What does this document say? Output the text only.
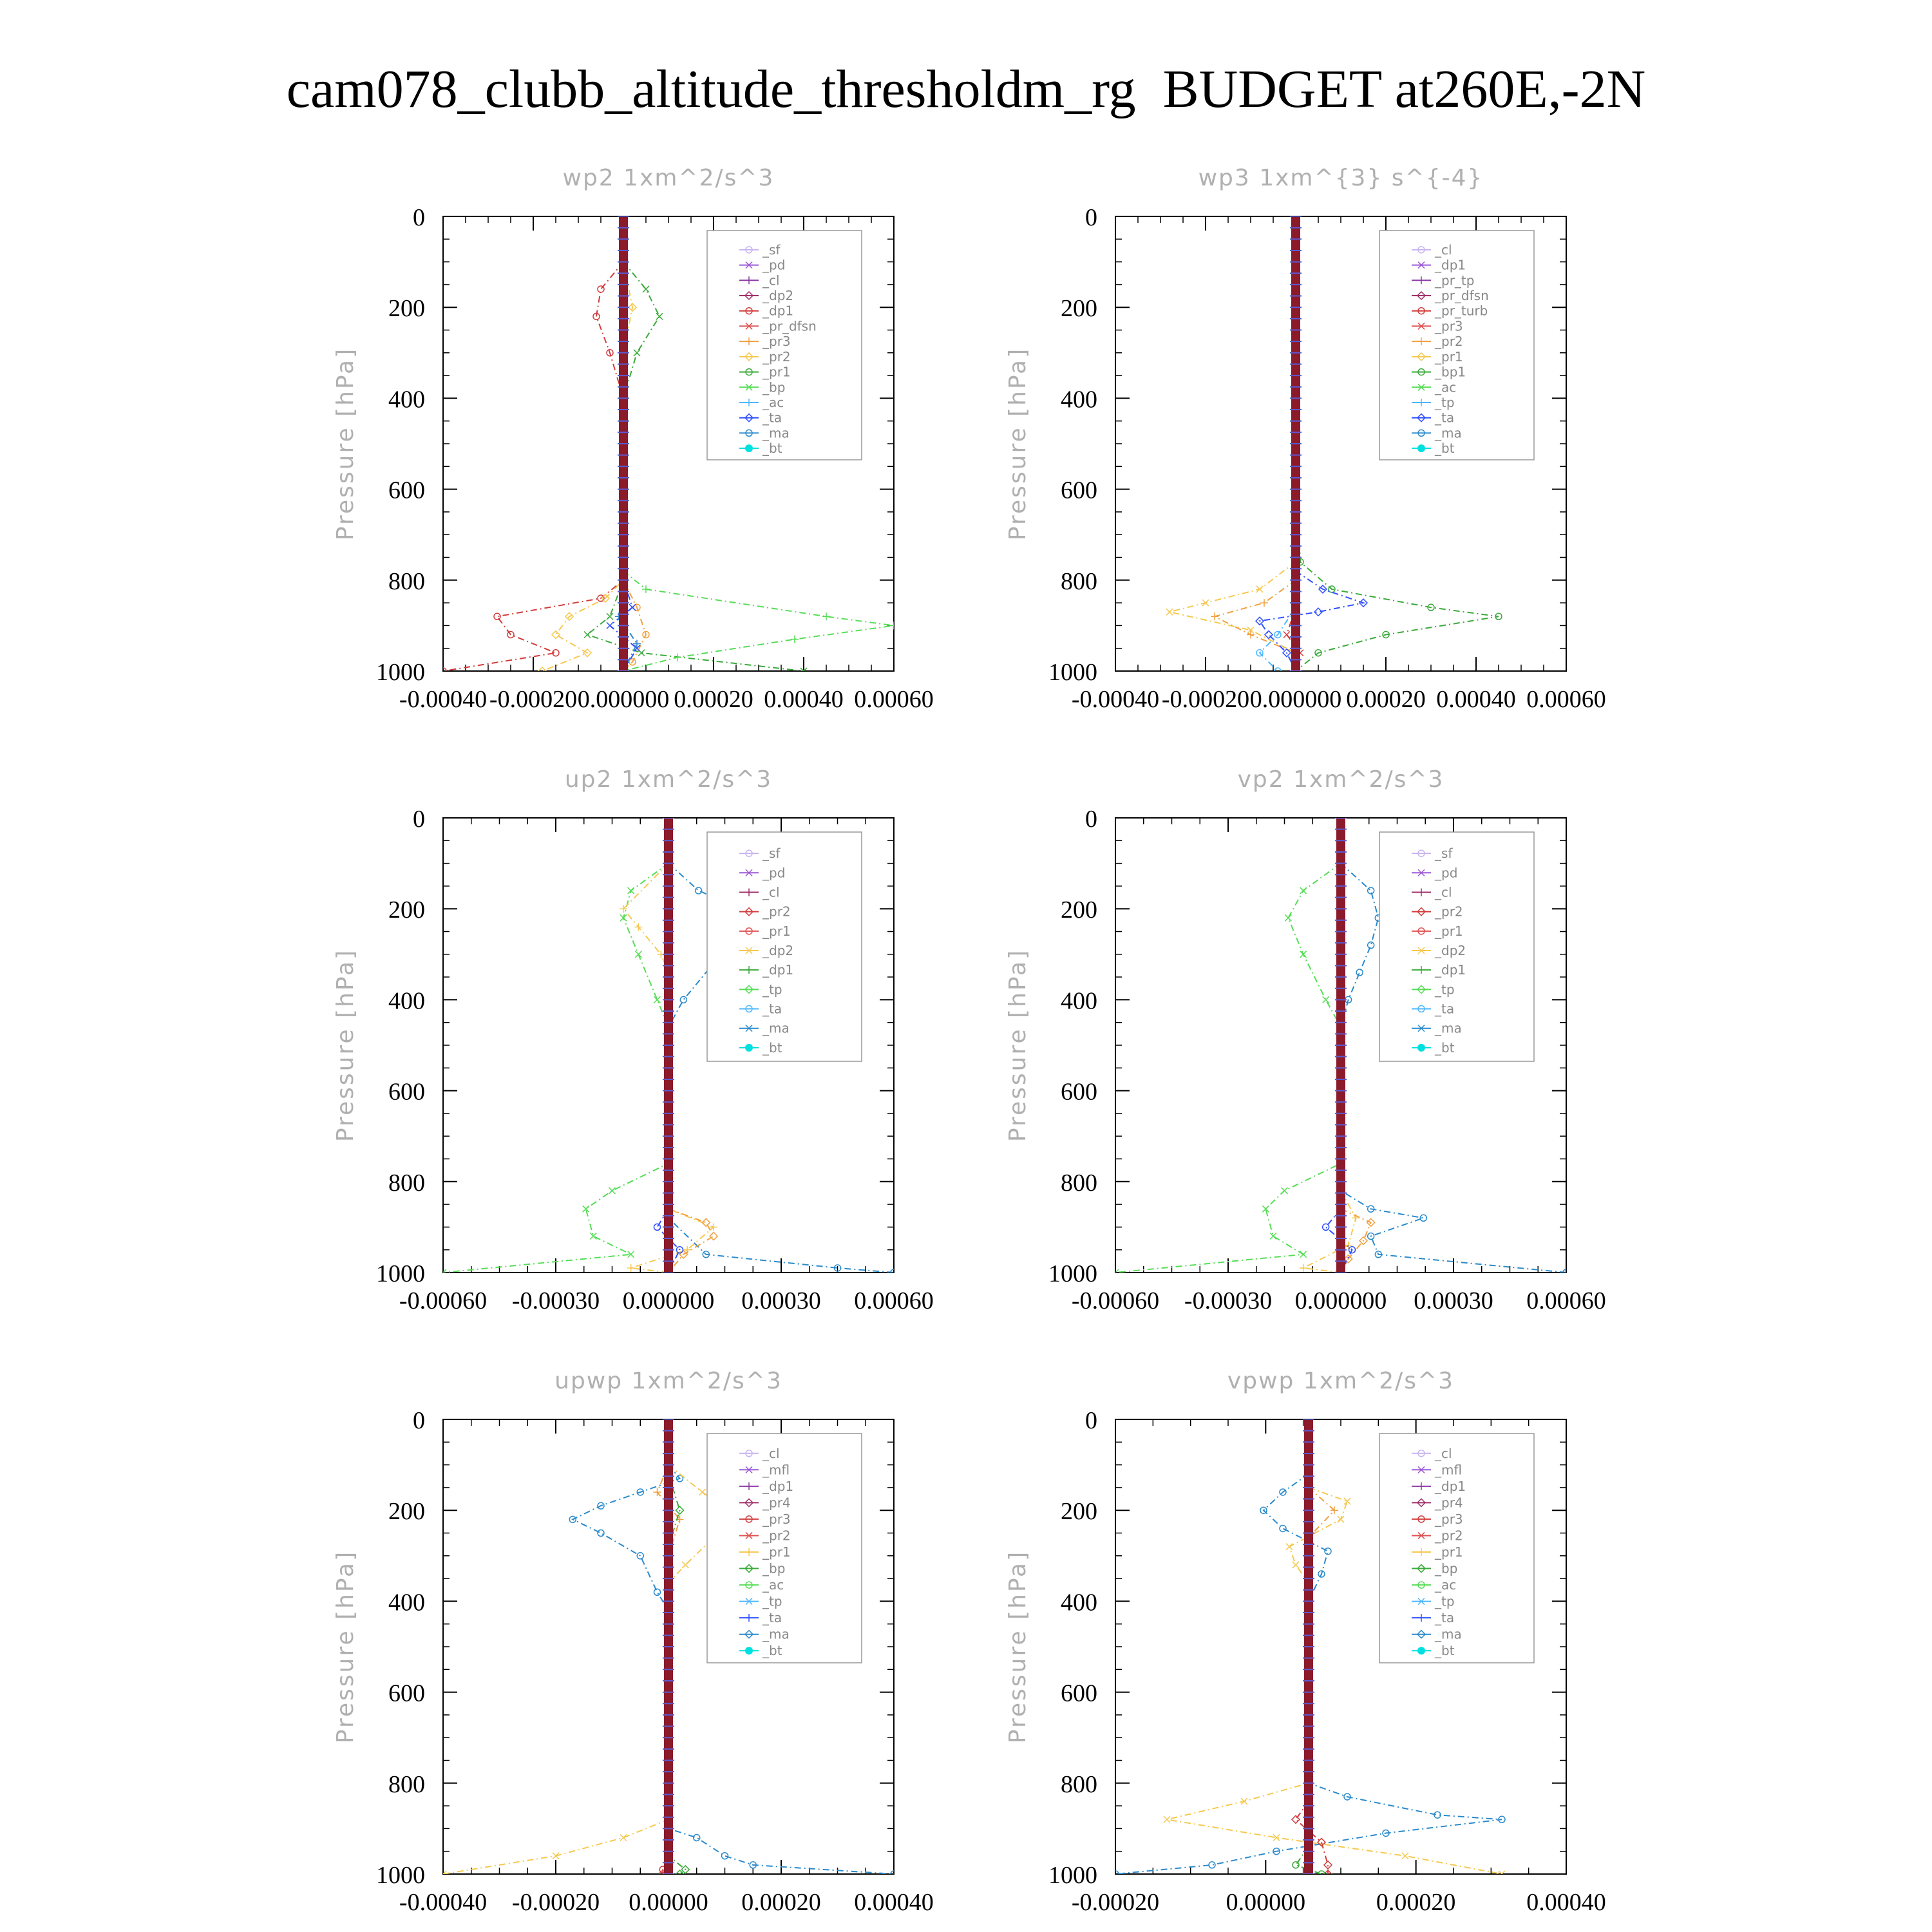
cam078_clubb_altitude_thresholdm_rg  BUDGET at260E,-2N
0
200
400
600
800
1000
-0.00040 -0.00020 0.000000 0.00020 0.00040 0.00060
wp2 1xm^2/s^3
Pressure [hPa]
_sf
_pd
_cl
_dp2
_dp1
_pr_dfsn
_pr3
_pr2
_pr1
_bp
_ac
_ta
_ma
_bt
0
200
400
600
800
1000
-0.00040 -0.00020 0.000000 0.00020 0.00040 0.00060
wp3 1xm^{3} s^{-4}
Pressure [hPa]
_cl
_dp1
_pr_tp
_pr_dfsn
_pr_turb
_pr3
_pr2
_pr1
_bp1
_ac
_tp
_ta
_ma
_bt
0
200
400
600
800
1000
-0.00060 -0.00030 0.000000 0.00030 0.00060
up2 1xm^2/s^3
Pressure [hPa]
_sf
_pd
_cl
_pr2
_pr1
_dp2
_dp1
_tp
_ta
_ma
_bt
0
200
400
600
800
1000
-0.00060 -0.00030 0.000000 0.00030 0.00060
vp2 1xm^2/s^3
Pressure [hPa]
_sf
_pd
_cl
_pr2
_pr1
_dp2
_dp1
_tp
_ta
_ma
_bt
0
200
400
600
800
1000
-0.00040 -0.00020 0.00000 0.00020 0.00040
upwp 1xm^2/s^3
Pressure [hPa]
_cl
_mfl
_dp1
_pr4
_pr3
_pr2
_pr1
_bp
_ac
_tp
_ta
_ma
_bt
0
200
400
600
800
1000
-0.00020	0.00000	0.00020	0.00040
vpwp 1xm^2/s^3
Pressure [hPa]
_cl
_mfl
_dp1
_pr4
_pr3
_pr2
_pr1
_bp
_ac
_tp
_ta
_ma
_bt
